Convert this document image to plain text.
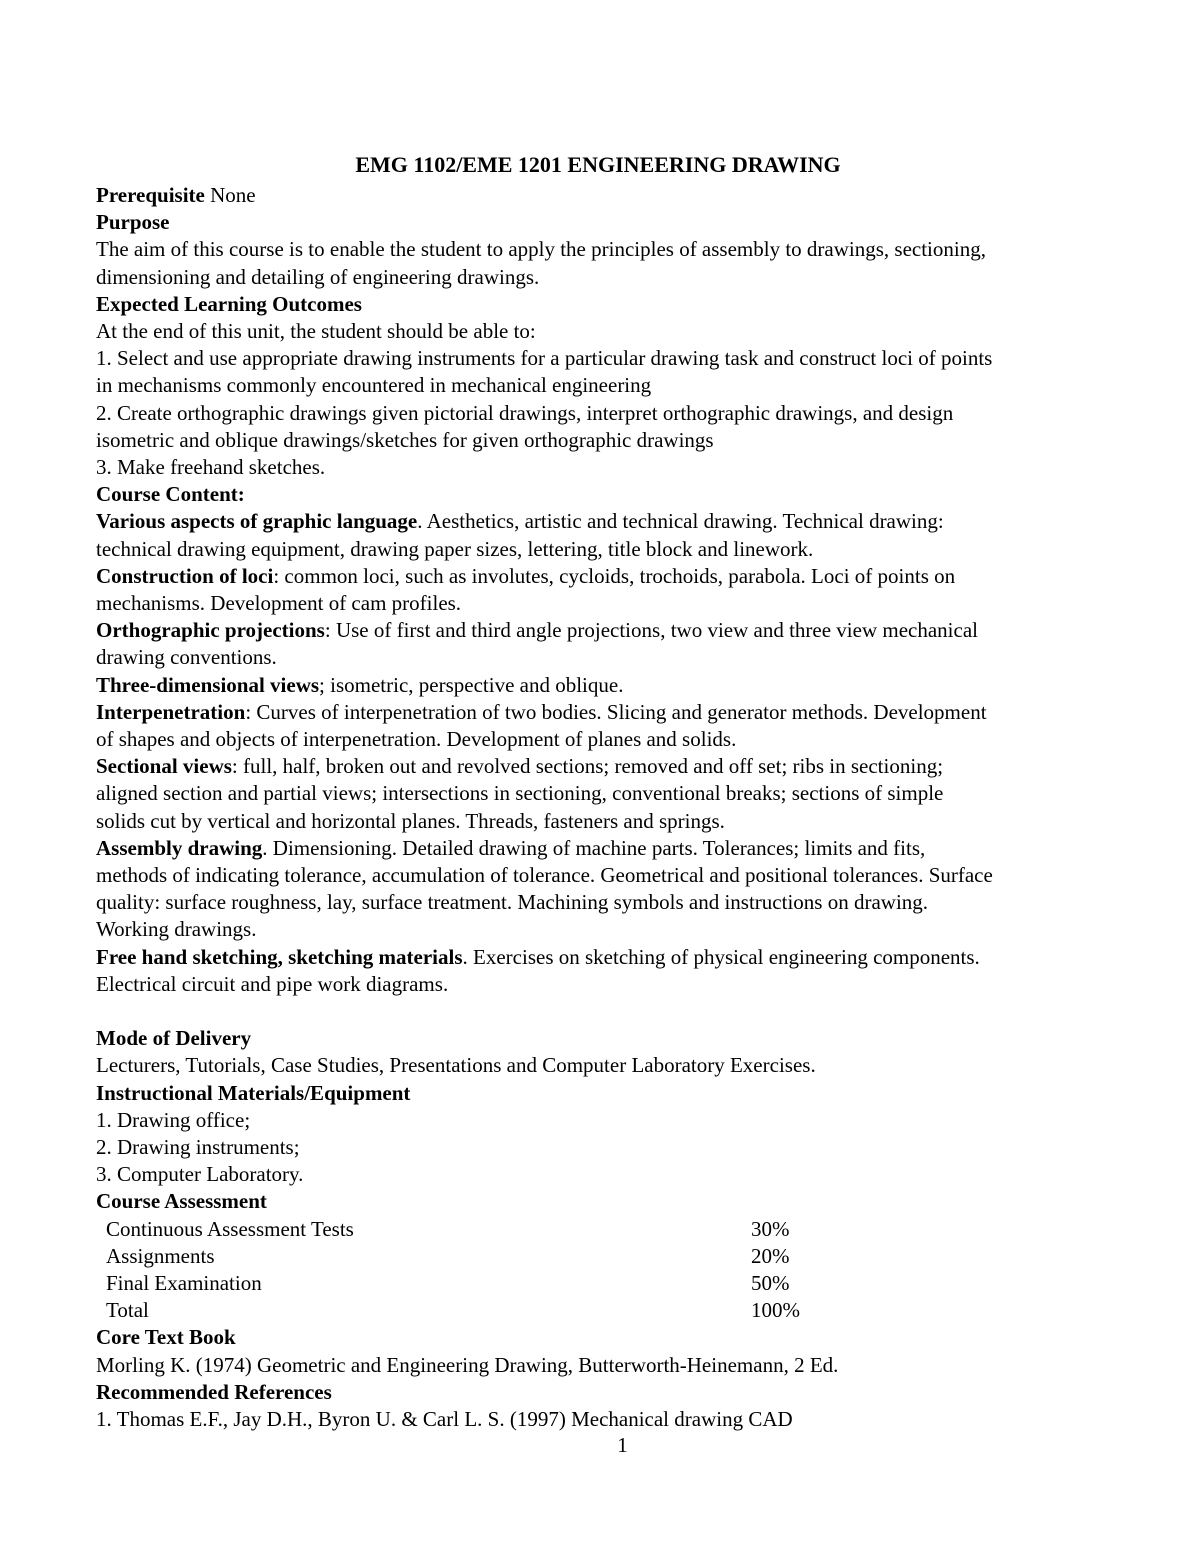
EMG 1102/EME 1201 ENGINEERING DRAWING
Prerequisite None
Purpose
The aim of this course is to enable the student to apply the principles of assembly to drawings, sectioning,
dimensioning and detailing of engineering drawings.
Expected Learning Outcomes
At the end of this unit, the student should be able to:
1. Select and use appropriate drawing instruments for a particular drawing task and construct loci of points
in mechanisms commonly encountered in mechanical engineering
2. Create orthographic drawings given pictorial drawings, interpret orthographic drawings, and design
isometric and oblique drawings/sketches for given orthographic drawings
3. Make freehand sketches.
Course Content:
Various aspects of graphic language. Aesthetics, artistic and technical drawing. Technical drawing:
technical drawing equipment, drawing paper sizes, lettering, title block and linework.
Construction of loci: common loci, such as involutes, cycloids, trochoids, parabola. Loci of points on
mechanisms. Development of cam profiles.
Orthographic projections: Use of first and third angle projections, two view and three view mechanical
drawing conventions.
Three-dimensional views; isometric, perspective and oblique.
Interpenetration: Curves of interpenetration of two bodies. Slicing and generator methods. Development
of shapes and objects of interpenetration. Development of planes and solids.
Sectional views: full, half, broken out and revolved sections; removed and off set; ribs in sectioning;
aligned section and partial views; intersections in sectioning, conventional breaks; sections of simple
solids cut by vertical and horizontal planes. Threads, fasteners and springs.
Assembly drawing. Dimensioning. Detailed drawing of machine parts. Tolerances; limits and fits,
methods of indicating tolerance, accumulation of tolerance. Geometrical and positional tolerances. Surface
quality: surface roughness, lay, surface treatment. Machining symbols and instructions on drawing.
Working drawings.
Free hand sketching, sketching materials. Exercises on sketching of physical engineering components.
Electrical circuit and pipe work diagrams.
Mode of Delivery
Lecturers, Tutorials, Case Studies, Presentations and Computer Laboratory Exercises.
Instructional Materials/Equipment
1. Drawing office;
2. Drawing instruments;
3. Computer Laboratory.
Course Assessment
Continuous Assessment Tests	30%
Assignments	20%
Final Examination	50%
Total	100%
Core Text Book
Morling K. (1974) Geometric and Engineering Drawing, Butterworth-Heinemann, 2 Ed.
Recommended References
1. Thomas E.F., Jay D.H., Byron U. & Carl L. S. (1997) Mechanical drawing CAD
1
